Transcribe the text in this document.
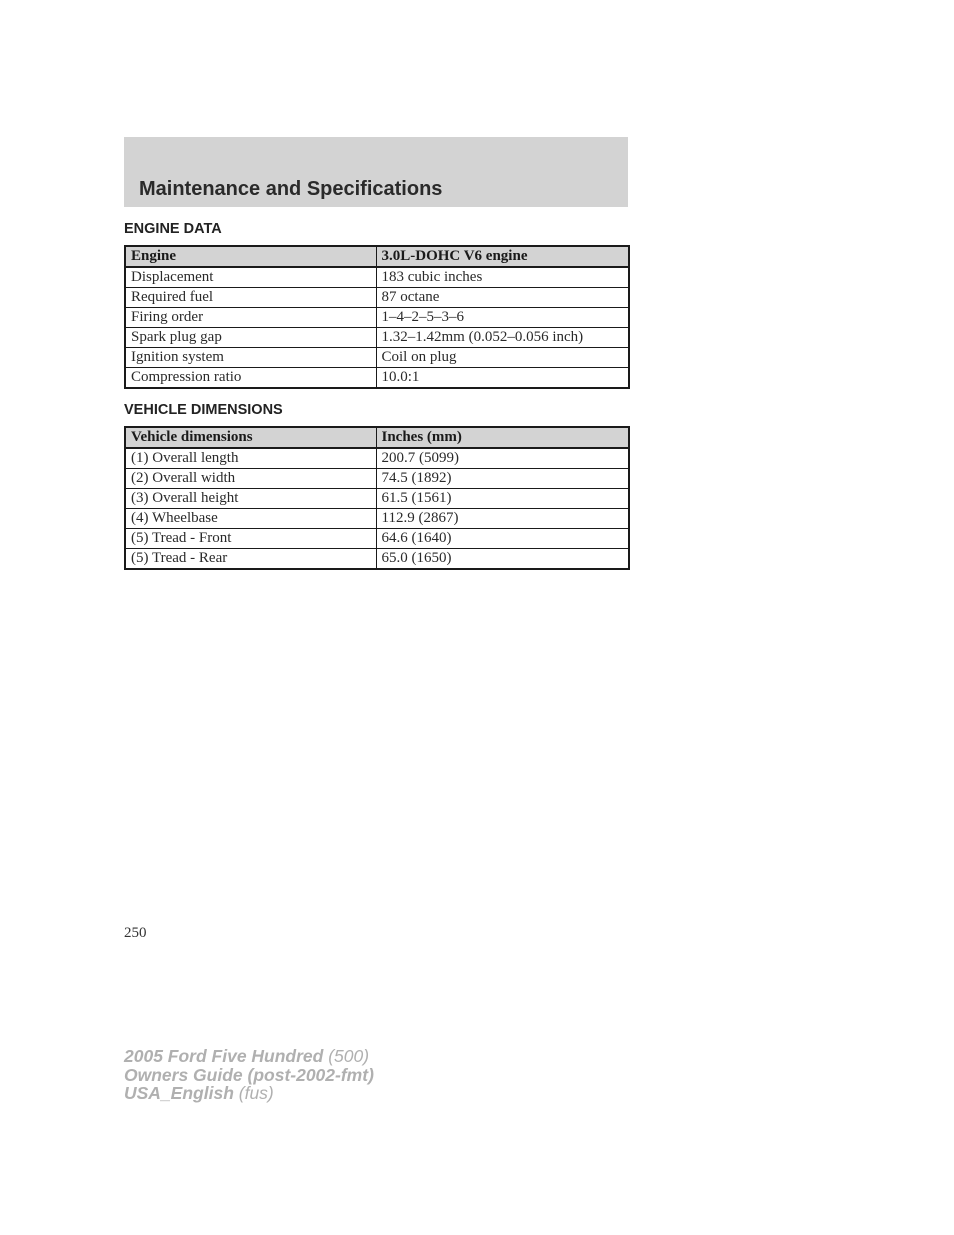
Maintenance and Specifications
ENGINE DATA
Engine	3.0L-DOHC V6 engine
Displacement	183 cubic inches
Required fuel	87 octane
Firing order	1–4–2–5–3–6
Spark plug gap	1.32–1.42mm (0.052–0.056 inch)
Ignition system	Coil on plug
Compression ratio	10.0:1
VEHICLE DIMENSIONS
Vehicle dimensions	Inches (mm)
(1) Overall length	200.7 (5099)
(2) Overall width	74.5 (1892)
(3) Overall height	61.5 (1561)
(4) Wheelbase	112.9 (2867)
(5) Tread - Front	64.6 (1640)
(5) Tread - Rear	65.0 (1650)

250

2005 Ford Five Hundred (500)
Owners Guide (post-2002-fmt)
USA_English (fus)
